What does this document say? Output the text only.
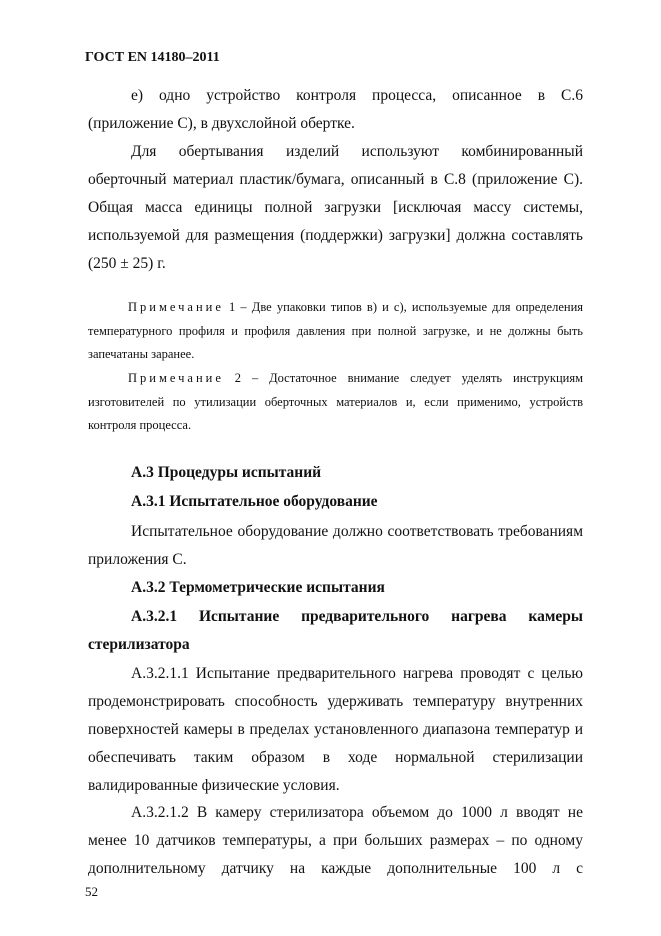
ГОСТ EN 14180–2011
е) одно устройство контроля процесса, описанное в С.6 (приложение С), в двухслойной обертке.
Для обертывания изделий используют комбинированный оберточный материал пластик/бумага, описанный в С.8 (приложение С). Общая масса единицы полной загрузки [исключая массу системы, используемой для размещения (поддержки) загрузки] должна составлять (250 ± 25) г.
Примечание 1 – Две упаковки типов в) и с), используемые для определения температурного профиля и профиля давления при полной загрузке, и не должны быть запечатаны заранее.
Примечание 2 – Достаточное внимание следует уделять инструкциям изготовителей по утилизации оберточных материалов и, если применимо, устройств контроля процесса.
А.3 Процедуры испытаний
А.3.1 Испытательное оборудование
Испытательное оборудование должно соответствовать требованиям приложения С.
А.3.2 Термометрические испытания
А.3.2.1 Испытание предварительного нагрева камеры
стерилизатора
А.3.2.1.1 Испытание предварительного нагрева проводят с целью продемонстрировать способность удерживать температуру внутренних поверхностей камеры в пределах установленного диапазона температур и обеспечивать таким образом в ходе нормальной стерилизации валидированные физические условия.
А.3.2.1.2 В камеру стерилизатора объемом до 1000 л вводят не менее 10 датчиков температуры, а при больших размерах – по одному дополнительному датчику на каждые дополнительные 100 л с
52
